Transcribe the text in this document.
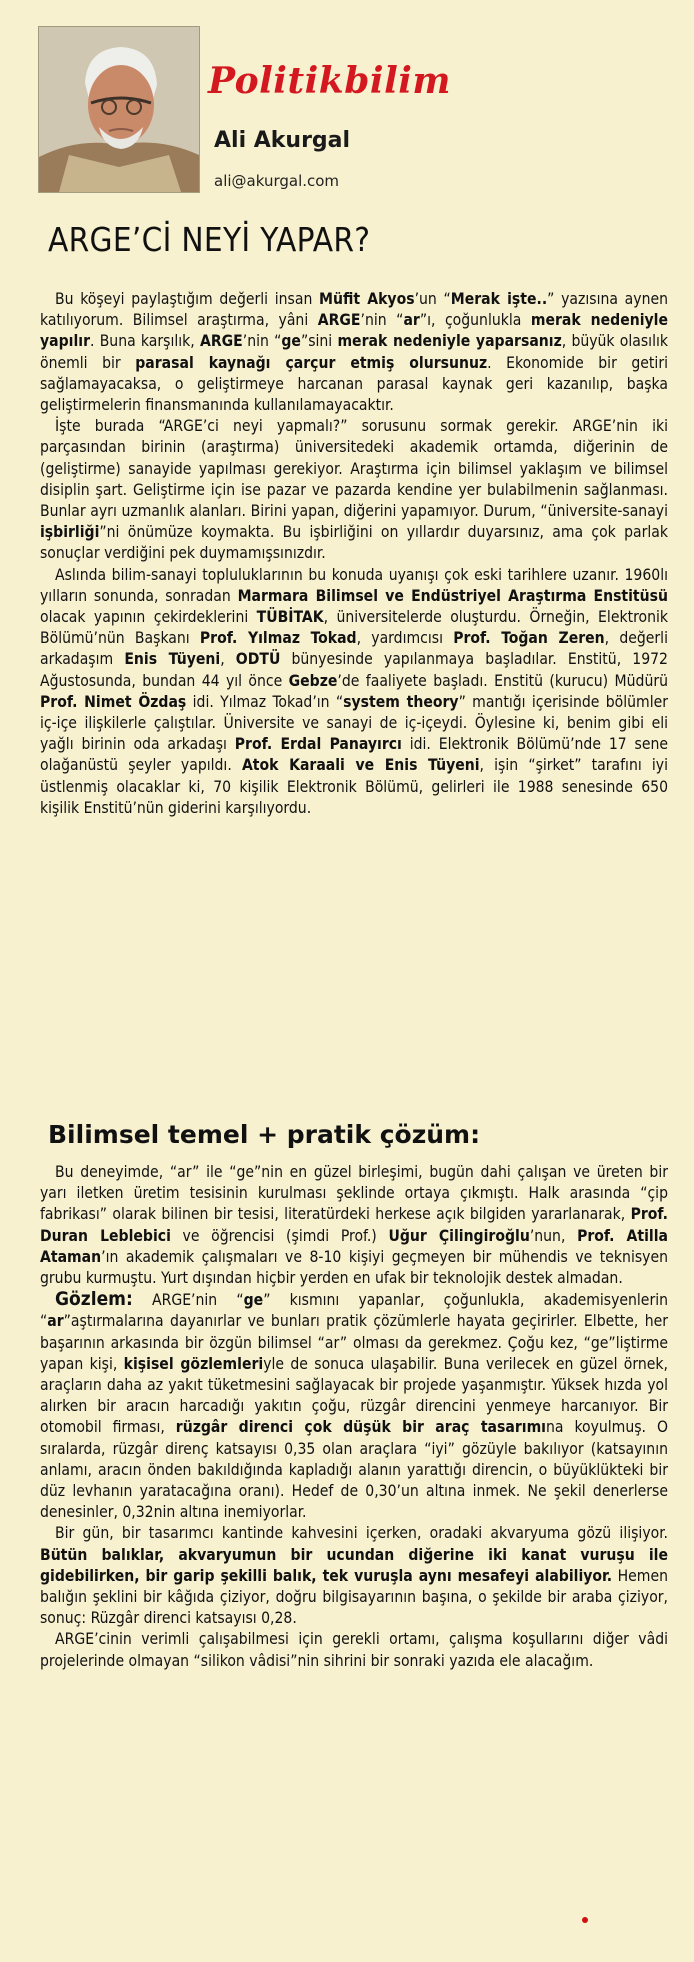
Politikbilim
Ali Akurgal
ali@akurgal.com
ARGE’Cİ NEYİ YAPAR?

Bu köşeyi paylaştığım değerli insan Müfit Akyos’un “Merak işte..” yazısına aynen katılıyorum. Bilimsel araştırma, yâni ARGE’nin “ar”ı, çoğunlukla merak nedeniyle yapılır. Buna karşılık, ARGE’nin “ge”sini merak nedeniyle yaparsanız, büyük olasılık önemli bir parasal kaynağı çarçur etmiş olursunuz. Ekonomide bir getiri sağlamayacaksa, o geliştirmeye harcanan parasal kaynak geri kazanılıp, başka geliştirmelerin finansmanında kullanılamayacaktır.

İşte burada “ARGE’ci neyi yapmalı?” sorusunu sormak gerekir. ARGE’nin iki parçasından birinin (araştırma) üniversitedeki akademik ortamda, diğerinin de (geliştirme) sanayide yapılması gerekiyor. Araştırma için bilimsel yaklaşım ve bilimsel disiplin şart. Geliştirme için ise pazar ve pazarda kendine yer bulabilmenin sağlanması. Bunlar ayrı uzmanlık alanları. Birini yapan, diğerini yapamıyor. Durum, “üniversite-sanayi işbirliği”ni önümüze koymakta. Bu işbirliğini on yıllardır duyarsınız, ama çok parlak sonuçlar verdiğini pek duymamışsınızdır.

Aslında bilim-sanayi topluluklarının bu konuda uyanışı çok eski tarihlere uzanır. 1960lı yılların sonunda, sonradan Marmara Bilimsel ve Endüstriyel Araştırma Enstitüsü olacak yapının çekirdeklerini TÜBİTAK, üniversitelerde oluşturdu. Örneğin, Elektronik Bölümü’nün Başkanı Prof. Yılmaz Tokad, yardımcısı Prof. Toğan Zeren, değerli arkadaşım Enis Tüyeni, ODTÜ bünyesinde yapılanmaya başladılar. Enstitü, 1972 Ağustosunda, bundan 44 yıl önce Gebze’de faaliyete başladı. Enstitü (kurucu) Müdürü Prof. Nimet Özdaş idi. Yılmaz Tokad’ın “system theory” mantığı içerisinde bölümler iç-içe ilişkilerle çalıştılar. Üniversite ve sanayi de iç-içeydi. Öylesine ki, benim gibi eli yağlı birinin oda arkadaşı Prof. Erdal Panayırcı idi. Elektronik Bölümü’nde 17 sene olağanüstü şeyler yapıldı. Atok Karaali ve Enis Tüyeni, işin “şirket” tarafını iyi üstlenmiş olacaklar ki, 70 kişilik Elektronik Bölümü, gelirleri ile 1988 senesinde 650 kişilik Enstitü’nün giderini karşılıyordu.

Bilimsel temel + pratik çözüm:

Bu deneyimde, “ar” ile “ge”nin en güzel birleşimi, bugün dahi çalışan ve üreten bir yarı iletken üretim tesisinin kurulması şeklinde ortaya çıkmıştı. Halk arasında “çip fabrikası” olarak bilinen bir tesisi, literatürdeki herkese açık bilgiden yararlanarak, Prof. Duran Leblebici ve öğrencisi (şimdi Prof.) Uğur Çilingiroğlu’nun, Prof. Atilla Ataman’ın akademik çalışmaları ve 8-10 kişiyi geçmeyen bir mühendis ve teknisyen grubu kurmuştu. Yurt dışından hiçbir yerden en ufak bir teknolojik destek almadan.

Gözlem: ARGE’nin “ge” kısmını yapanlar, çoğunlukla, akademisyenlerin “ar”aştırmalarına dayanırlar ve bunları pratik çözümlerle hayata geçirirler. Elbette, her başarının arkasında bir özgün bilimsel “ar” olması da gerekmez. Çoğu kez, “ge”liştirme yapan kişi, kişisel gözlemleriyle de sonuca ulaşabilir. Buna verilecek en güzel örnek, araçların daha az yakıt tüketmesini sağlayacak bir projede yaşanmıştır. Yüksek hızda yol alırken bir aracın harcadığı yakıtın çoğu, rüzgâr direncini yenmeye harcanıyor. Bir otomobil firması, rüzgâr direnci çok düşük bir araç tasarımına koyulmuş. O sıralarda, rüzgâr direnç katsayısı 0,35 olan araçlara “iyi” gözüyle bakılıyor (katsayının anlamı, aracın önden bakıldığında kapladığı alanın yarattığı direncin, o büyüklükteki bir düz levhanın yaratacağına oranı). Hedef de 0,30’un altına inmek. Ne şekil denerlerse denesinler, 0,32nin altına inemiyorlar.

Bir gün, bir tasarımcı kantinde kahvesini içerken, oradaki akvaryuma gözü ilişiyor. Bütün balıklar, akvaryumun bir ucundan diğerine iki kanat vuruşu ile gidebilirken, bir garip şekilli balık, tek vuruşla aynı mesafeyi alabiliyor. Hemen balığın şeklini bir kâğıda çiziyor, doğru bilgisayarının başına, o şekilde bir araba çiziyor, sonuç: Rüzgâr direnci katsayısı 0,28.

ARGE’cinin verimli çalışabilmesi için gerekli ortamı, çalışma koşullarını diğer vâdi projelerinde olmayan “silikon vâdisi”nin sihrini bir sonraki yazıda ele alacağım.
